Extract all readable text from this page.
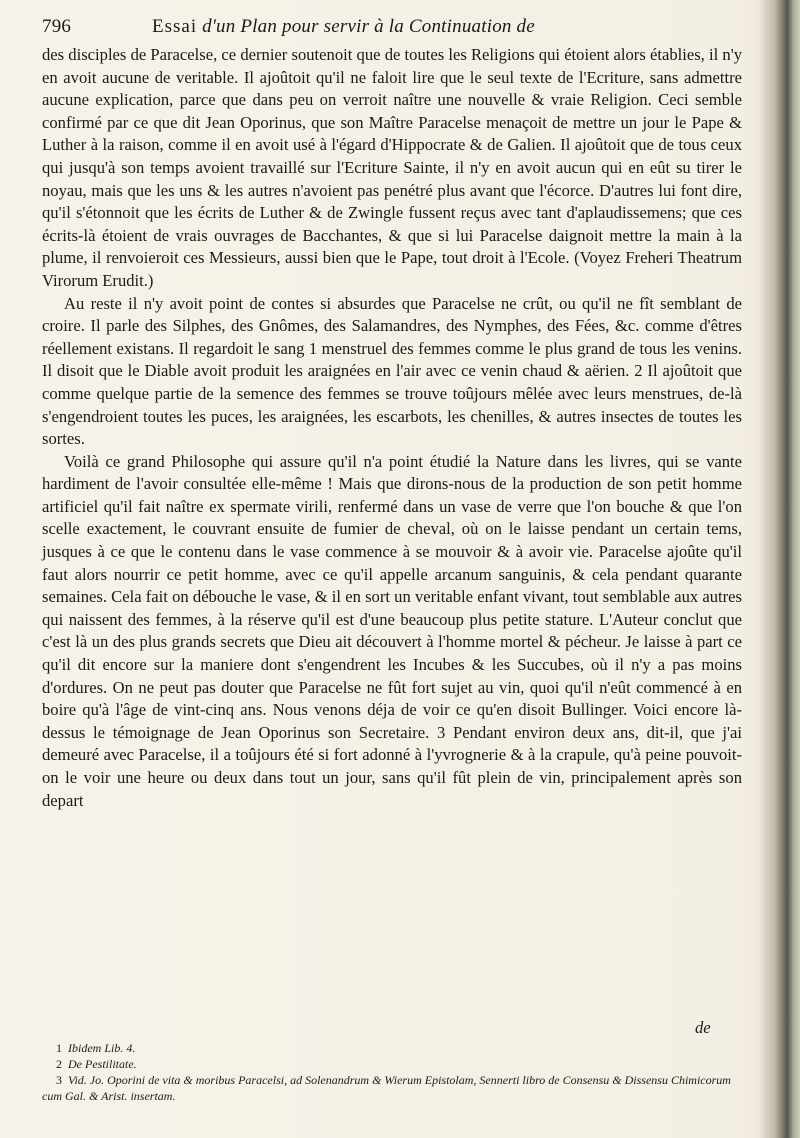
796	Essai d'un Plan pour servir à la Continuation de

des disciples de Paracelse, ce dernier soutenoit que de toutes les Religions qui étoient alors établies, il n'y en avoit aucune de veritable. Il ajoûtoit qu'il ne faloit lire que le seul texte de l'Ecriture, sans admettre aucune explication, parce que dans peu on verroit naître une nouvelle & vraie Religion. Ceci semble confirmé par ce que dit Jean Oporinus, que son Maître Paracelse menaçoit de mettre un jour le Pape & Luther à la raison, comme il en avoit usé à l'égard d'Hippocrate & de Galien. Il ajoûtoit que de tous ceux qui jusqu'à son temps avoient travaillé sur l'Ecriture Sainte, il n'y en avoit aucun qui en eût su tirer le noyau, mais que les uns & les autres n'avoient pas penétré plus avant que l'écorce. D'autres lui font dire, qu'il s'étonnoit que les écrits de Luther & de Zwingle fussent reçus avec tant d'aplaudissemens; que ces écrits-là étoient de vrais ouvrages de Bacchantes, & que si lui Paracelse daignoit mettre la main à la plume, il renvoieroit ces Messieurs, aussi bien que le Pape, tout droit à l'Ecole. (Voyez Freheri Theatrum Virorum Erudit.)

Au reste il n'y avoit point de contes si absurdes que Paracelse ne crût, ou qu'il ne fît semblant de croire. Il parle des Silphes, des Gnômes, des Salamandres, des Nymphes, des Fées, &c. comme d'êtres réellement existans. Il regardoit le sang 1 menstruel des femmes comme le plus grand de tous les venins. Il disoit que le Diable avoit produit les araignées en l'air avec ce venin chaud & aërien. 2 Il ajoûtoit que comme quelque partie de la semence des femmes se trouve toûjours mêlée avec leurs menstrues, de-là s'engendroient toutes les puces, les araignées, les escarbots, les chenilles, & autres insectes de toutes les sortes.

Voilà ce grand Philosophe qui assure qu'il n'a point étudié la Nature dans les livres, qui se vante hardiment de l'avoir consultée elle-même ! Mais que dirons-nous de la production de son petit homme artificiel qu'il fait naître ex spermate virili, renfermé dans un vase de verre que l'on bouche & que l'on scelle exactement, le couvrant ensuite de fumier de cheval, où on le laisse pendant un certain tems, jusques à ce que le contenu dans le vase commence à se mouvoir & à avoir vie. Paracelse ajoûte qu'il faut alors nourrir ce petit homme, avec ce qu'il appelle arcanum sanguinis, & cela pendant quarante semaines. Cela fait on débouche le vase, & il en sort un veritable enfant vivant, tout semblable aux autres qui naissent des femmes, à la réserve qu'il est d'une beaucoup plus petite stature. L'Auteur conclut que c'est là un des plus grands secrets que Dieu ait découvert à l'homme mortel & pécheur. Je laisse à part ce qu'il dit encore sur la maniere dont s'engendrent les Incubes & les Succubes, où il n'y a pas moins d'ordures. On ne peut pas douter que Paracelse ne fût fort sujet au vin, quoi qu'il n'eût commencé à en boire qu'à l'âge de vint-cinq ans. Nous venons déja de voir ce qu'en disoit Bullinger. Voici encore là-dessus le témoignage de Jean Oporinus son Secretaire. 3 Pendant environ deux ans, dit-il, que j'ai demeuré avec Paracelse, il a toûjours été si fort adonné à l'yvrognerie & à la crapule, qu'à peine pouvoit-on le voir une heure ou deux dans tout un jour, sans qu'il fût plein de vin, principalement après son depart

de
1 Ibidem Lib. 4.
2 De Pestilitate.
3 Vid. Jo. Oporini de vita & moribus Paracelsi, ad Solenandrum & Wierum Epistolam, Sennerti libro de Consensu & Dissensu Chimicorum cum Gal. & Arist. insertam.
